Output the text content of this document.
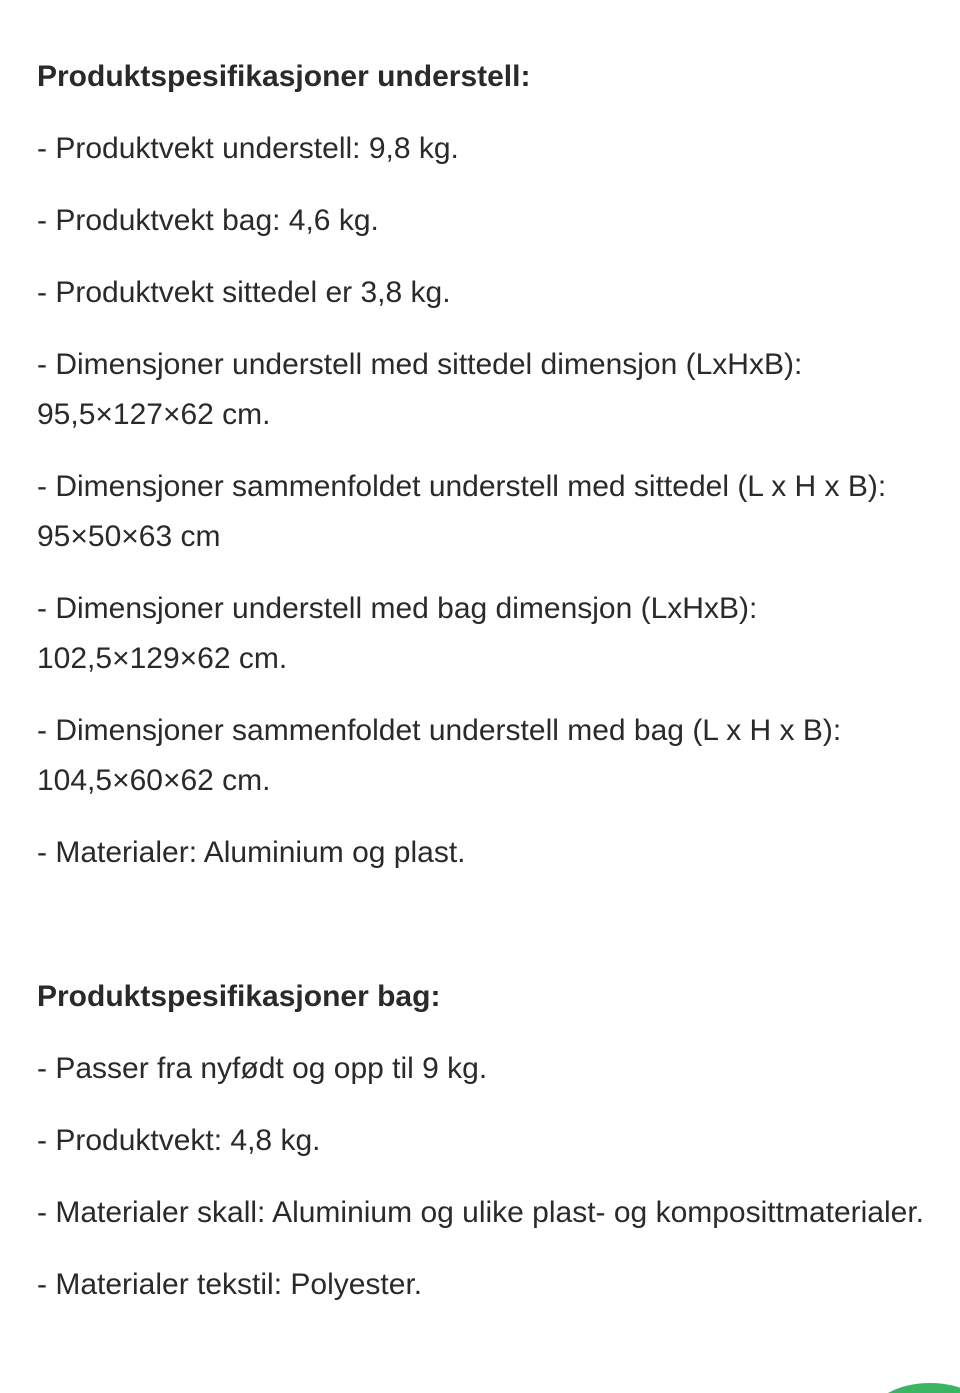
Produktspesifikasjoner understell:
- Produktvekt understell: 9,8 kg.
- Produktvekt bag: 4,6 kg.
- Produktvekt sittedel er 3,8 kg.
- Dimensjoner understell med sittedel dimensjon (LxHxB): 95,5×127×62 cm.
- Dimensjoner sammenfoldet understell med sittedel (L x H x B): 95×50×63 cm
- Dimensjoner understell med bag dimensjon (LxHxB): 102,5×129×62 cm.
- Dimensjoner sammenfoldet understell med bag (L x H x B): 104,5×60×62 cm.
- Materialer: Aluminium og plast.
Produktspesifikasjoner bag:
- Passer fra nyfødt og opp til 9 kg.
- Produktvekt: 4,8 kg.
- Materialer skall: Aluminium og ulike plast- og komposittmaterialer.
- Materialer tekstil: Polyester.
